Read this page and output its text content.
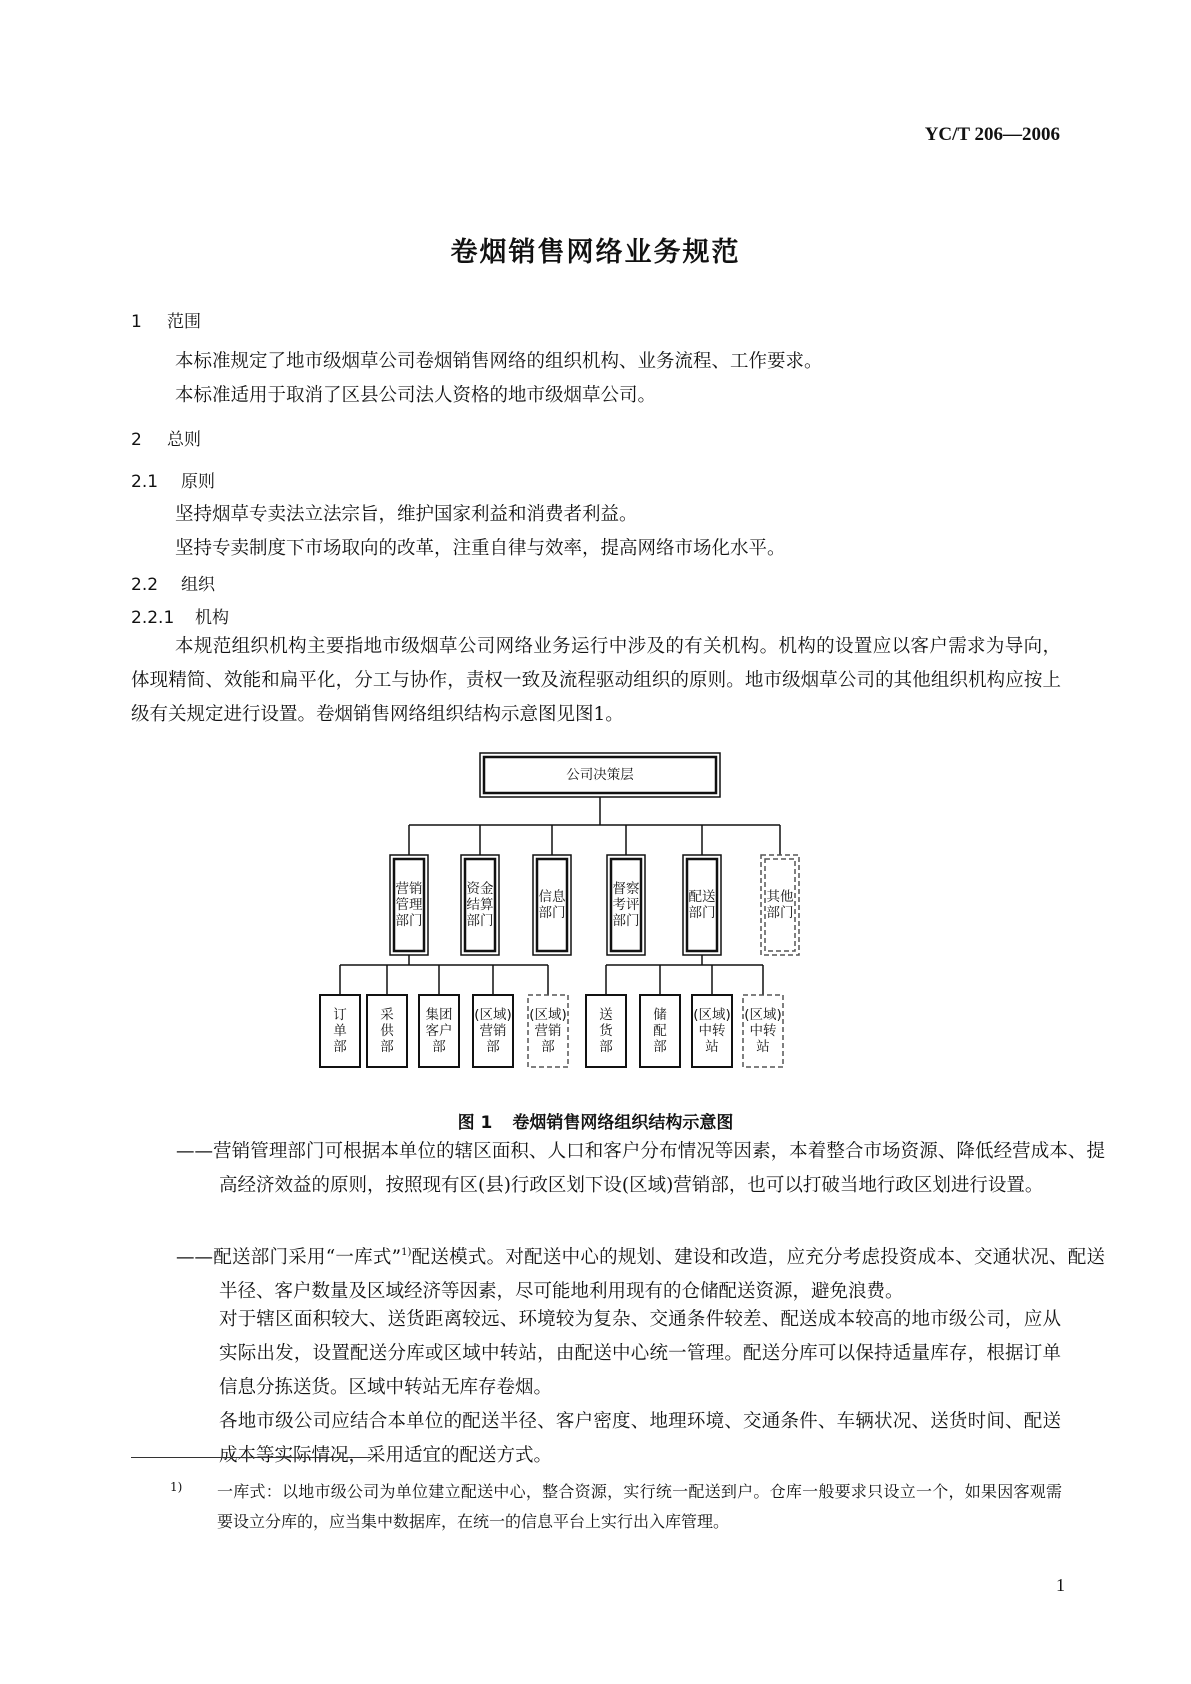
YC/T 206—2006
卷烟销售网络业务规范
1 范围
本标准规定了地市级烟草公司卷烟销售网络的组织机构、业务流程、工作要求。
本标准适用于取消了区县公司法人资格的地市级烟草公司。
2 总则
2.1 原则
坚持烟草专卖法立法宗旨，维护国家利益和消费者利益。
坚持专卖制度下市场取向的改革，注重自律与效率，提高网络市场化水平。
2.2 组织
2.2.1 机构

本规范组织机构主要指地市级烟草公司网络业务运行中涉及的有关机构。机构的设置应以客户需求为导向，体现精简、效能和扁平化，分工与协作，责权一致及流程驱动组织的原则。地市级烟草公司的其他组织机构应按上级有关规定进行设置。卷烟销售网络组织结构示意图见图1。

公司决策层
营销
管理
部门
资金
结算
部门
信息
部门
督察
考评
部门
配送
部门
其他
部门
订
单
部
采
供
部
集团
客户
部
(区域)
营销
部
(区域)
营销
部
送
货
部
储
配
部
(区域)
中转
站
(区域)
中转
站
图 1 卷烟销售网络组织结构示意图

——营销管理部门可根据本单位的辖区面积、人口和客户分布情况等因素，本着整合市场资源、降低经营成本、提高经济效益的原则，按照现有区(县)行政区划下设(区域)营销部，也可以打破当地行政区划进行设置。

——配送部门采用“一库式”$^{1)}$配送模式。对配送中心的规划、建设和改造，应充分考虑投资成本、交通状况、配送半径、客户数量及区域经济等因素，尽可能地利用现有的仓储配送资源，避免浪费。

对于辖区面积较大、送货距离较远、环境较为复杂、交通条件较差、配送成本较高的地市级公司，应从实际出发，设置配送分库或区域中转站，由配送中心统一管理。配送分库可以保持适量库存，根据订单信息分拣送货。区域中转站无库存卷烟。

各地市级公司应结合本单位的配送半径、客户密度、地理环境、交通条件、车辆状况、送货时间、配送成本等实际情况，采用适宜的配送方式。

1) 一库式：以地市级公司为单位建立配送中心，整合资源，实行统一配送到户。仓库一般要求只设立一个，如果因客观需要设立分库的，应当集中数据库，在统一的信息平台上实行出入库管理。

1
